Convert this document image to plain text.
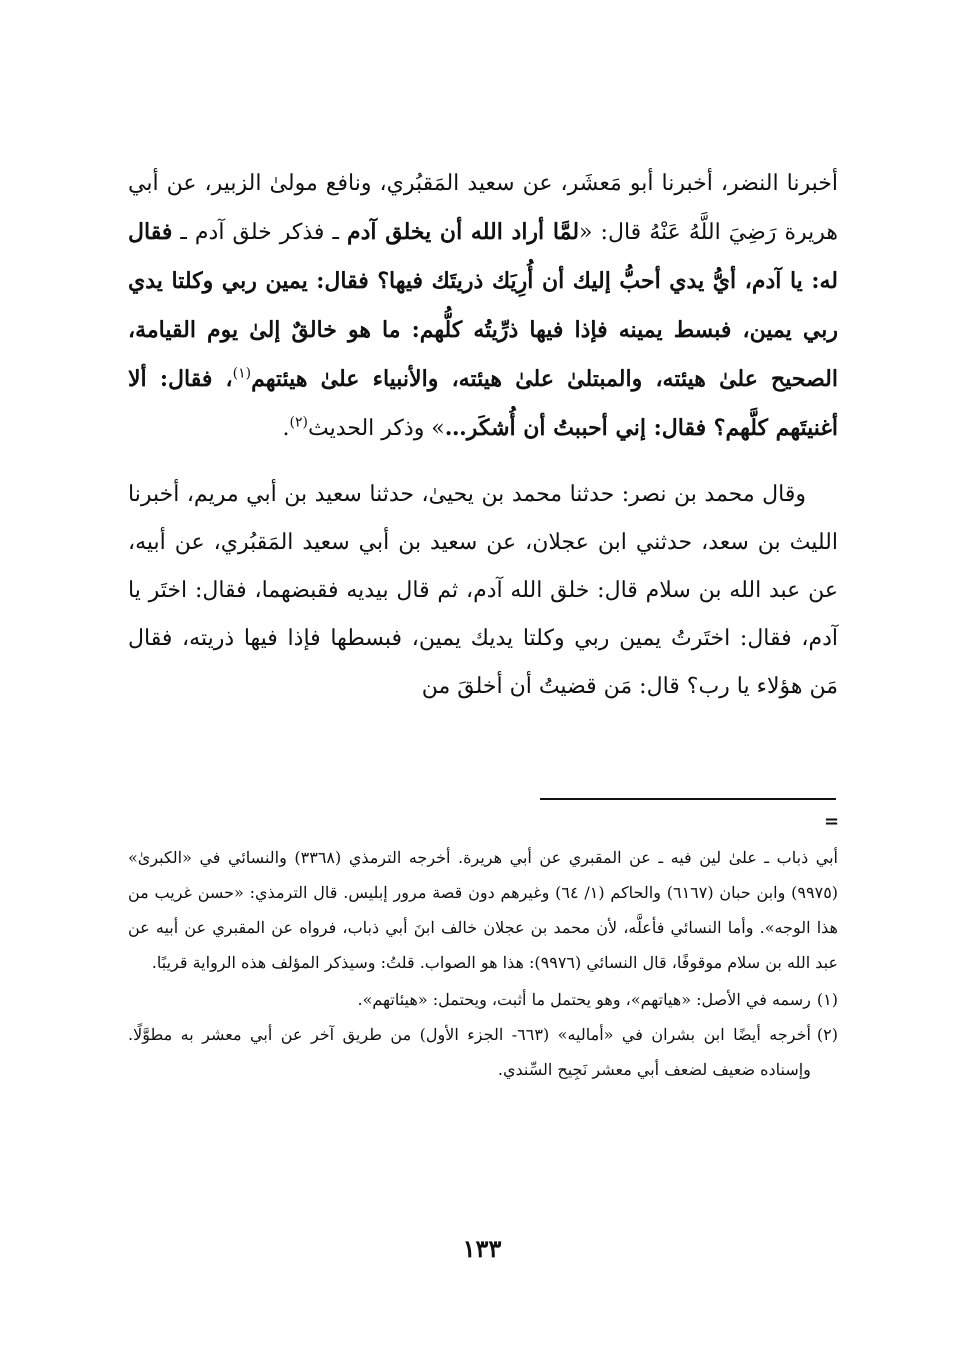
أخبرنا النضر، أخبرنا أبو مَعشَر، عن سعيد المَقبُري، ونافع مولىٰ الزبير، عن أبي هريرة رَضِيَ اللَّهُ عَنْهُ قال: «لمَّا أراد الله أن يخلق آدم ـ فذكر خلق آدم ـ فقال له: يا آدم، أيُّ يدي أحبُّ إليك أن أُرِيَك ذريتَك فيها؟ فقال: يمين ربي وكلتا يدي ربي يمين، فبسط يمينه فإذا فيها ذرِّيتُه كلُّهم: ما هو خالقٌ إلىٰ يوم القيامة، الصحيح علىٰ هيئته، والمبتلىٰ علىٰ هيئته، والأنبياء علىٰ هيئتهم$^{(١)}$، فقال: ألا أغنيتَهم كلَّهم؟ فقال: إني أحببتُ أن أُشكَر…» وذكر الحديث$^{(٢)}$.

وقال محمد بن نصر: حدثنا محمد بن يحيىٰ، حدثنا سعيد بن أبي مريم، أخبرنا الليث بن سعد، حدثني ابن عجلان، عن سعيد بن أبي سعيد المَقبُري، عن أبيه، عن عبد الله بن سلام قال: خلق الله آدم، ثم قال بيديه فقبضهما، فقال: اختَر يا آدم، فقال: اختَرتُ يمين ربي وكلتا يديك يمين، فبسطها فإذا فيها ذريته، فقال مَن هؤلاء يا رب؟ قال: مَن قضيتُ أن أخلقَ من

=

أبي ذباب ـ علىٰ لين فيه ـ عن المقبري عن أبي هريرة. أخرجه الترمذي (٣٣٦٨) والنسائي في «الكبرىٰ» (٩٩٧٥) وابن حبان (٦١٦٧) والحاكم (١/ ٦٤) وغيرهم دون قصة مرور إبليس. قال الترمذي: «حسن غريب من هذا الوجه». وأما النسائي فأعلَّه، لأن محمد بن عجلان خالف ابنَ أبي ذباب، فرواه عن المقبري عن أبيه عن عبد الله بن سلام موقوفًا، قال النسائي (٩٩٧٦): هذا هو الصواب. قلتُ: وسيذكر المؤلف هذه الرواية قريبًا.

(١)
رسمه في الأصل: «هياتهم»، وهو يحتمل ما أثبت، ويحتمل: «هيئاتهم».
(٢)
أخرجه أيضًا ابن بشران في «أماليه» (٦٦٣- الجزء الأول) من طريق آخر عن أبي معشر به مطوَّلًا. وإسناده ضعيف لضعف أبي معشر نَجِيح السِّندي.
١٣٣
